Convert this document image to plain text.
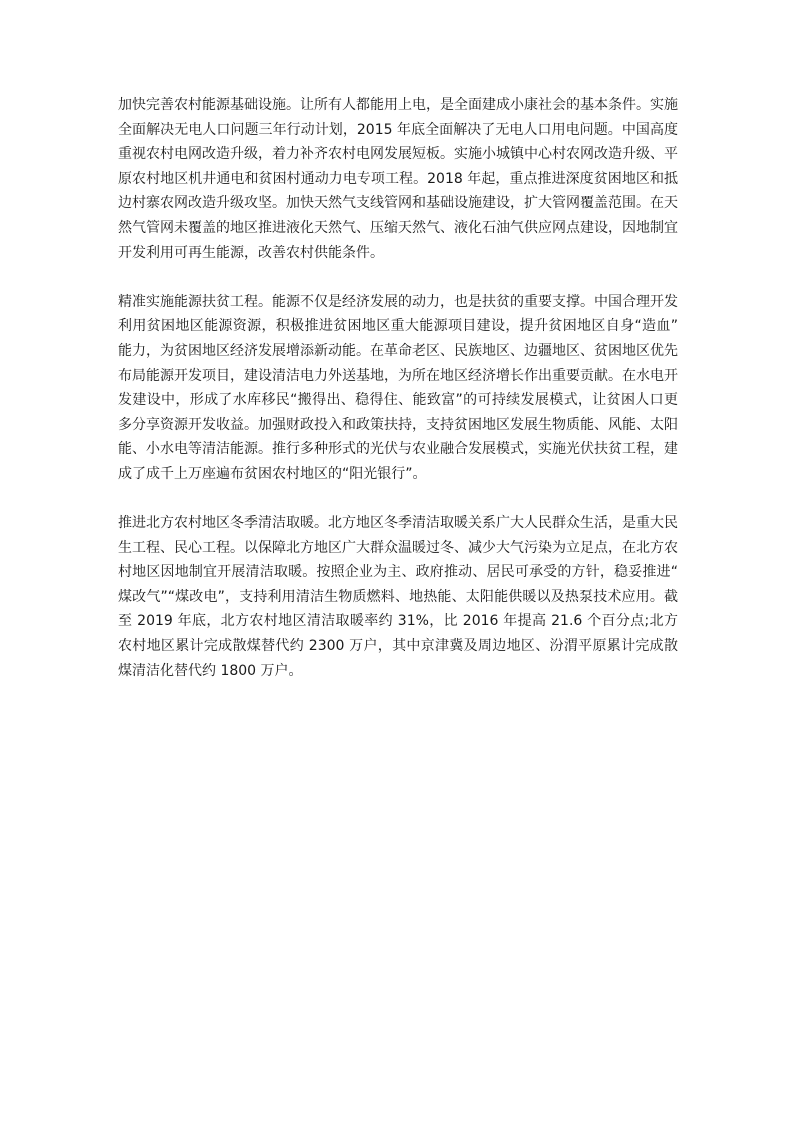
加快完善农村能源基础设施。让所有人都能用上电，是全面建成小康社会的基本条件。实施全面解决无电人口问题三年行动计划，2015 年底全面解决了无电人口用电问题。中国高度重视农村电网改造升级，着力补齐农村电网发展短板。实施小城镇中心村农网改造升级、平原农村地区机井通电和贫困村通动力电专项工程。2018 年起，重点推进深度贫困地区和抵边村寨农网改造升级攻坚。加快天然气支线管网和基础设施建设，扩大管网覆盖范围。在天然气管网未覆盖的地区推进液化天然气、压缩天然气、液化石油气供应网点建设，因地制宜开发利用可再生能源，改善农村供能条件。

精准实施能源扶贫工程。能源不仅是经济发展的动力，也是扶贫的重要支撑。中国合理开发利用贫困地区能源资源，积极推进贫困地区重大能源项目建设，提升贫困地区自身“造血”能力，为贫困地区经济发展增添新动能。在革命老区、民族地区、边疆地区、贫困地区优先布局能源开发项目，建设清洁电力外送基地，为所在地区经济增长作出重要贡献。在水电开发建设中，形成了水库移民“搬得出、稳得住、能致富”的可持续发展模式，让贫困人口更多分享资源开发收益。加强财政投入和政策扶持，支持贫困地区发展生物质能、风能、太阳能、小水电等清洁能源。推行多种形式的光伏与农业融合发展模式，实施光伏扶贫工程，建成了成千上万座遍布贫困农村地区的“阳光银行”。

推进北方农村地区冬季清洁取暖。北方地区冬季清洁取暖关系广大人民群众生活，是重大民生工程、民心工程。以保障北方地区广大群众温暖过冬、减少大气污染为立足点，在北方农村地区因地制宜开展清洁取暖。按照企业为主、政府推动、居民可承受的方针，稳妥推进“煤改气”“煤改电”，支持利用清洁生物质燃料、地热能、太阳能供暖以及热泵技术应用。截至 2019 年底，北方农村地区清洁取暖率约 31%，比 2016 年提高 21.6 个百分点;北方农村地区累计完成散煤替代约 2300 万户，其中京津冀及周边地区、汾渭平原累计完成散煤清洁化替代约 1800 万户。
